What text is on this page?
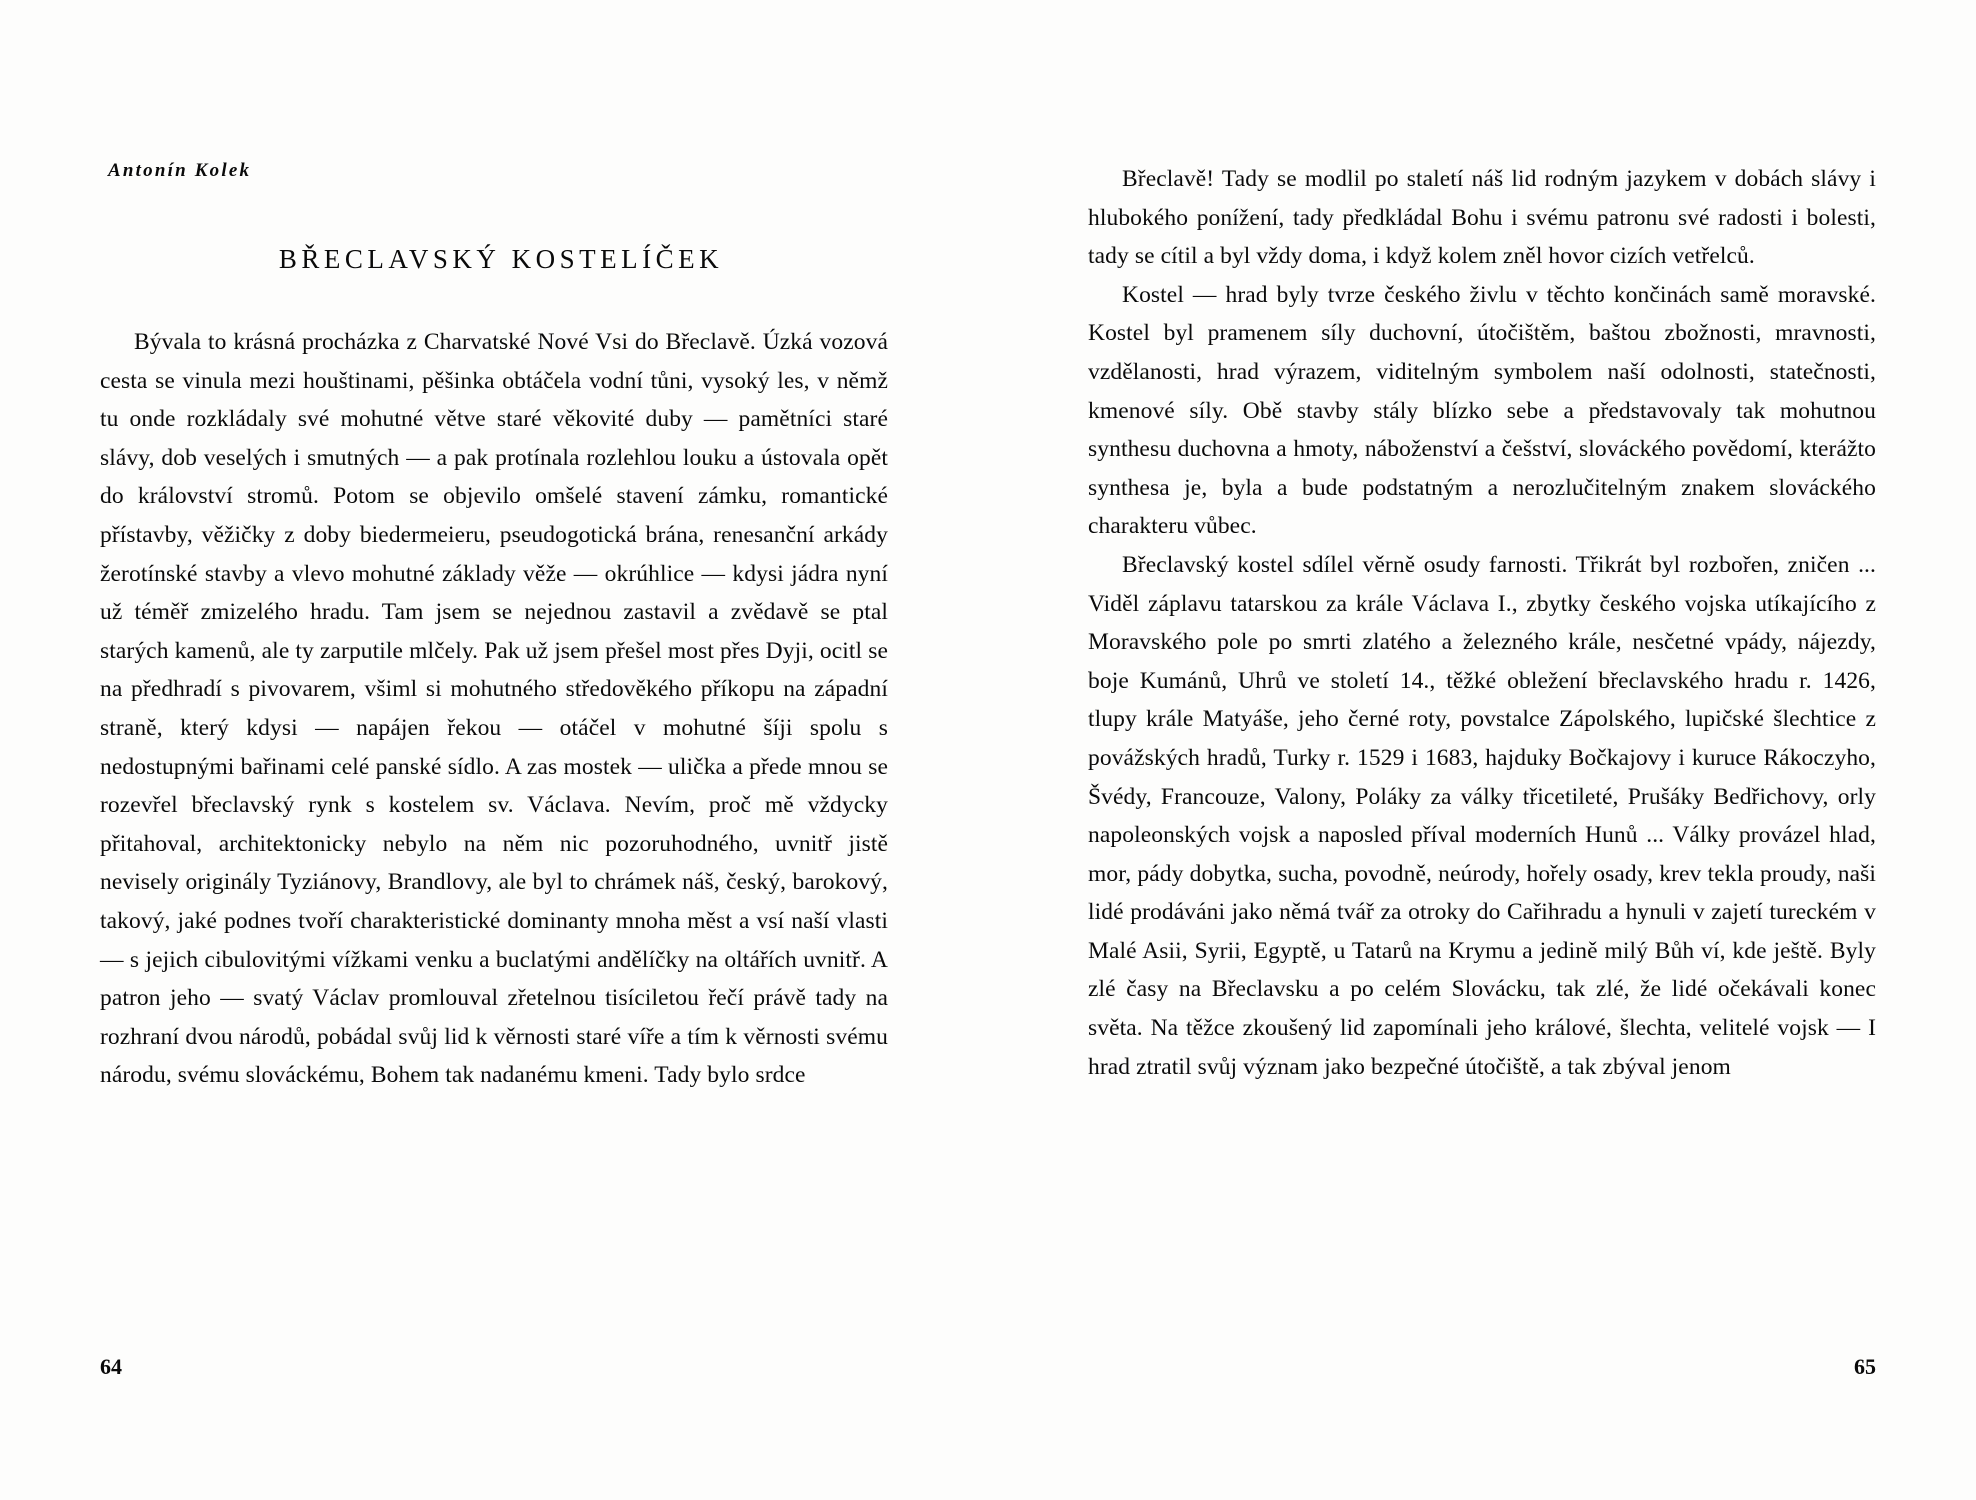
Antonín Kolek
BŘECLAVSKÝ KOSTELÍČEK

Bývala to krásná procházka z Charvatské Nové Vsi do Břeclavě. Úzká vozová cesta se vinula mezi houštinami, pěšinka obtáčela vodní tůni, vysoký les, v němž tu onde rozkládaly své mohutné větve staré věkovité duby — pamětníci staré slávy, dob veselých i smutných — a pak protínala rozlehlou louku a ústovala opět do království stromů. Potom se objevilo omšelé stavení zámku, romantické přístavby, věžičky z doby biedermeieru, pseudogotická brána, renesanční arkády žerotínské stavby a vlevo mohutné základy věže — okrúhlice — kdysi jádra nyní už téměř zmizelého hradu. Tam jsem se nejednou zastavil a zvědavě se ptal starých kamenů, ale ty zarputile mlčely. Pak už jsem přešel most přes Dyji, ocitl se na předhradí s pivovarem, všiml si mohutného středověkého příkopu na západní straně, který kdysi — napájen řekou — otáčel v mohutné šíji spolu s nedostupnými bařinami celé panské sídlo. A zas mostek — ulička a přede mnou se rozevřel břeclavský rynk s kostelem sv. Václava. Nevím, proč mě vždycky přitahoval, architektonicky nebylo na něm nic pozoruhodného, uvnitř jistě nevisely originály Tyziánovy, Brandlovy, ale byl to chrámek náš, český, barokový, takový, jaké podnes tvoří charakteristické dominanty mnoha měst a vsí naší vlasti — s jejich cibulovitými vížkami venku a buclatými andělíčky na oltářích uvnitř. A patron jeho — svatý Václav promlouval zřetelnou tisíciletou řečí právě tady na rozhraní dvou národů, pobádal svůj lid k věrnosti staré víře a tím k věrnosti svému národu, svému slováckému, Bohem tak nadanému kmeni. Tady bylo srdce

64

Břeclavě! Tady se modlil po staletí náš lid rodným jazykem v dobách slávy i hlubokého ponížení, tady předkládal Bohu i svému patronu své radosti i bolesti, tady se cítil a byl vždy doma, i když kolem zněl hovor cizích vetřelců.

Kostel — hrad byly tvrze českého živlu v těchto končinách samě moravské. Kostel byl pramenem síly duchovní, útočištěm, baštou zbožnosti, mravnosti, vzdělanosti, hrad výrazem, viditelným symbolem naší odolnosti, statečnosti, kmenové síly. Obě stavby stály blízko sebe a představovaly tak mohutnou synthesu duchovna a hmoty, náboženství a češství, slováckého povědomí, kterážto synthesa je, byla a bude podstatným a nerozlučitelným znakem slováckého charakteru vůbec.

Břeclavský kostel sdílel věrně osudy farnosti. Třikrát byl rozbořen, zničen ... Viděl záplavu tatarskou za krále Václava I., zbytky českého vojska utíkajícího z Moravského pole po smrti zlatého a železného krále, nesčetné vpády, nájezdy, boje Kumánů, Uhrů ve století 14., těžké obležení břeclavského hradu r. 1426, tlupy krále Matyáše, jeho černé roty, povstalce Zápolského, lupičské šlechtice z povážských hradů, Turky r. 1529 i 1683, hajduky Bočkajovy i kuruce Rákoczyho, Švédy, Francouze, Valony, Poláky za války třicetileté, Prušáky Bedřichovy, orly napoleonských vojsk a naposled příval moderních Hunů ... Války provázel hlad, mor, pády dobytka, sucha, povodně, neúrody, hořely osady, krev tekla proudy, naši lidé prodáváni jako němá tvář za otroky do Cařihradu a hynuli v zajetí tureckém v Malé Asii, Syrii, Egyptě, u Tatarů na Krymu a jedině milý Bůh ví, kde ještě. Byly zlé časy na Břeclavsku a po celém Slovácku, tak zlé, že lidé očekávali konec světa. Na těžce zkoušený lid zapomínali jeho králové, šlechta, velitelé vojsk — I hrad ztratil svůj význam jako bezpečné útočiště, a tak zbýval jenom

65
